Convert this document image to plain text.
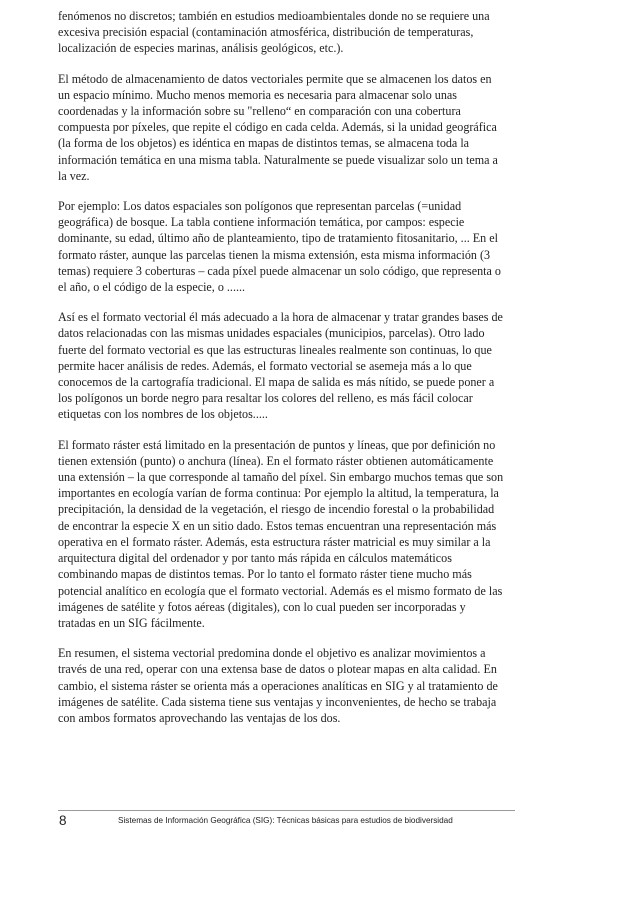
fenómenos no discretos; también en estudios medioambientales donde no se requiere una
excesiva precisión espacial (contaminación atmosférica, distribución de temperaturas,
localización de especies marinas, análisis geológicos, etc.).

El método de almacenamiento de datos vectoriales permite que se almacenen los datos en
un espacio mínimo. Mucho menos memoria es necesaria para almacenar solo unas
coordenadas y la información sobre su "relleno“ en comparación con una cobertura
compuesta por píxeles, que repite el código en cada celda. Además, si la unidad geográfica
(la forma de los objetos) es idéntica en mapas de distintos temas, se almacena toda la
información temática en una misma tabla. Naturalmente se puede visualizar solo un tema a
la vez.

Por ejemplo: Los datos espaciales son polígonos que representan parcelas (=unidad
geográfica) de bosque. La tabla contiene información temática, por campos: especie
dominante, su edad, último año de planteamiento, tipo de tratamiento fitosanitario, ... En el
formato ráster, aunque las parcelas tienen la misma extensión, esta misma información (3
temas) requiere 3 coberturas – cada píxel puede almacenar un solo código, que representa o
el año, o el código de la especie, o ......

Así es el formato vectorial él más adecuado a la hora de almacenar y tratar grandes bases de
datos relacionadas con las mismas unidades espaciales (municipios, parcelas). Otro lado
fuerte del formato vectorial es que las estructuras lineales realmente son continuas, lo que
permite hacer análisis de redes. Además, el formato vectorial se asemeja más a lo que
conocemos de la cartografía tradicional. El mapa de salida es más nítido, se puede poner a
los polígonos un borde negro para resaltar los colores del relleno, es más fácil colocar
etiquetas con los nombres de los objetos.....

El formato ráster está limitado en la presentación de puntos y líneas, que por definición no
tienen extensión (punto) o anchura (línea). En el formato ráster obtienen automáticamente
una extensión – la que corresponde al tamaño del píxel. Sin embargo muchos temas que son
importantes en ecología varían de forma continua: Por ejemplo la altitud, la temperatura, la
precipitación, la densidad de la vegetación, el riesgo de incendio forestal o la probabilidad
de encontrar la especie X en un sitio dado. Estos temas encuentran una representación más
operativa en el formato ráster. Además, esta estructura ráster matricial es muy similar a la
arquitectura digital del ordenador y por tanto más rápida en cálculos matemáticos
combinando mapas de distintos temas. Por lo tanto el formato ráster tiene mucho más
potencial analítico en ecología que el formato vectorial. Además es el mismo formato de las
imágenes de satélite y fotos aéreas (digitales), con lo cual pueden ser incorporadas y
tratadas en un SIG fácilmente.

En resumen, el sistema vectorial predomina donde el objetivo es analizar movimientos a
través de una red, operar con una extensa base de datos o plotear mapas en alta calidad. En
cambio, el sistema ráster se orienta más a operaciones analíticas en SIG y al tratamiento de
imágenes de satélite. Cada sistema tiene sus ventajas y inconvenientes, de hecho se trabaja
con ambos formatos aprovechando las ventajas de los dos.

8	Sistemas de Información Geográfica (SIG): Técnicas básicas para estudios de biodiversidad
